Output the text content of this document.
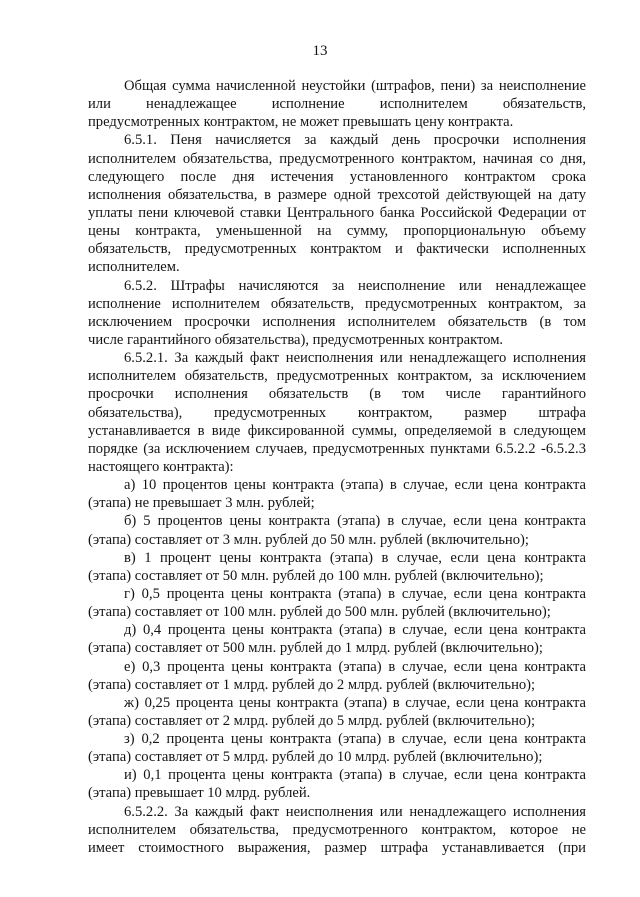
13
Общая сумма начисленной неустойки (штрафов, пени) за неисполнение
или ненадлежащее исполнение исполнителем обязательств,
предусмотренных контрактом, не может превышать цену контракта.
6.5.1. Пеня начисляется за каждый день просрочки исполнения
исполнителем обязательства, предусмотренного контрактом, начиная со дня,
следующего после дня истечения установленного контрактом срока
исполнения обязательства, в размере одной трехсотой действующей на дату
уплаты пени ключевой ставки Центрального банка Российской Федерации от
цены контракта, уменьшенной на сумму, пропорциональную объему
обязательств, предусмотренных контрактом и фактически исполненных
исполнителем.
6.5.2. Штрафы начисляются за неисполнение или ненадлежащее
исполнение исполнителем обязательств, предусмотренных контрактом, за
исключением просрочки исполнения исполнителем обязательств (в том
числе гарантийного обязательства), предусмотренных контрактом.
6.5.2.1. За каждый факт неисполнения или ненадлежащего исполнения
исполнителем обязательств, предусмотренных контрактом, за исключением
просрочки исполнения обязательств (в том числе гарантийного
обязательства), предусмотренных контрактом, размер штрафа
устанавливается в виде фиксированной суммы, определяемой в следующем
порядке (за исключением случаев, предусмотренных пунктами 6.5.2.2 -6.5.2.3
настоящего контракта):
а) 10 процентов цены контракта (этапа) в случае, если цена контракта
(этапа) не превышает 3 млн. рублей;
б) 5 процентов цены контракта (этапа) в случае, если цена контракта
(этапа) составляет от 3 млн. рублей до 50 млн. рублей (включительно);
в) 1 процент цены контракта (этапа) в случае, если цена контракта
(этапа) составляет от 50 млн. рублей до 100 млн. рублей (включительно);
г) 0,5 процента цены контракта (этапа) в случае, если цена контракта
(этапа) составляет от 100 млн. рублей до 500 млн. рублей (включительно);
д) 0,4 процента цены контракта (этапа) в случае, если цена контракта
(этапа) составляет от 500 млн. рублей до 1 млрд. рублей (включительно);
е) 0,3 процента цены контракта (этапа) в случае, если цена контракта
(этапа) составляет от 1 млрд. рублей до 2 млрд. рублей (включительно);
ж) 0,25 процента цены контракта (этапа) в случае, если цена контракта
(этапа) составляет от 2 млрд. рублей до 5 млрд. рублей (включительно);
з) 0,2 процента цены контракта (этапа) в случае, если цена контракта
(этапа) составляет от 5 млрд. рублей до 10 млрд. рублей (включительно);
и) 0,1 процента цены контракта (этапа) в случае, если цена контракта
(этапа) превышает 10 млрд. рублей.
6.5.2.2. За каждый факт неисполнения или ненадлежащего исполнения
исполнителем обязательства, предусмотренного контрактом, которое не
имеет стоимостного выражения, размер штрафа устанавливается (при
